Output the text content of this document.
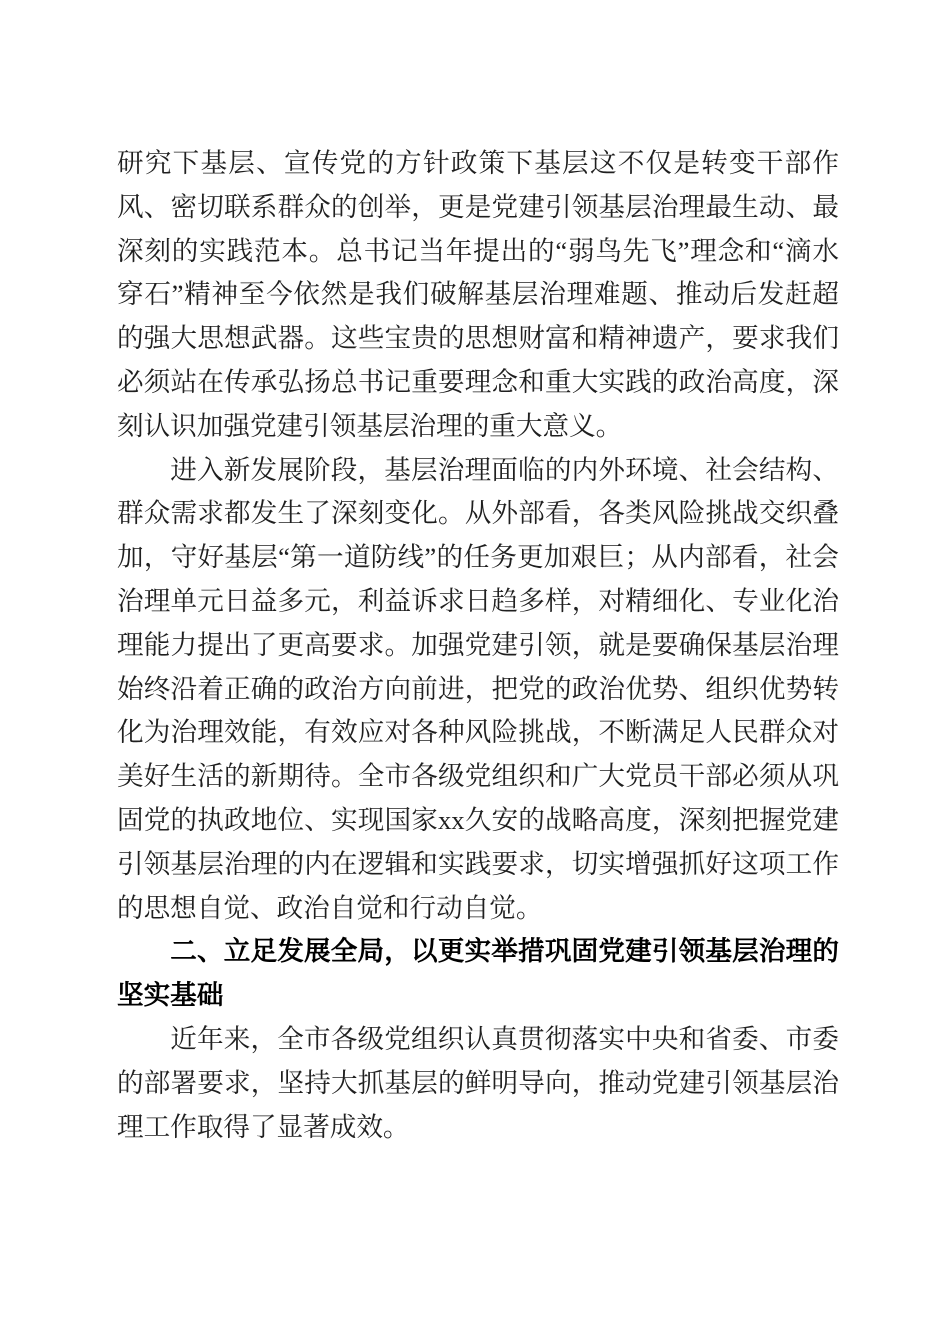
研究下基层、宣传党的方针政策下基层这不仅是转变干部作风、密切联系群众的创举，更是党建引领基层治理最生动、最深刻的实践范本。总书记当年提出的“弱鸟先飞”理念和“滴水穿石”精神至今依然是我们破解基层治理难题、推动后发赶超的强大思想武器。这些宝贵的思想财富和精神遗产，要求我们必须站在传承弘扬总书记重要理念和重大实践的政治高度，深刻认识加强党建引领基层治理的重大意义。

进入新发展阶段，基层治理面临的内外环境、社会结构、群众需求都发生了深刻变化。从外部看，各类风险挑战交织叠加，守好基层“第一道防线”的任务更加艰巨；从内部看，社会治理单元日益多元，利益诉求日趋多样，对精细化、专业化治理能力提出了更高要求。加强党建引领，就是要确保基层治理始终沿着正确的政治方向前进，把党的政治优势、组织优势转化为治理效能，有效应对各种风险挑战，不断满足人民群众对美好生活的新期待。全市各级党组织和广大党员干部必须从巩固党的执政地位、实现国家xx久安的战略高度，深刻把握党建引领基层治理的内在逻辑和实践要求，切实增强抓好这项工作的思想自觉、政治自觉和行动自觉。

二、立足发展全局，以更实举措巩固党建引领基层治理的坚实基础

近年来，全市各级党组织认真贯彻落实中央和省委、市委的部署要求，坚持大抓基层的鲜明导向，推动党建引领基层治理工作取得了显著成效。
